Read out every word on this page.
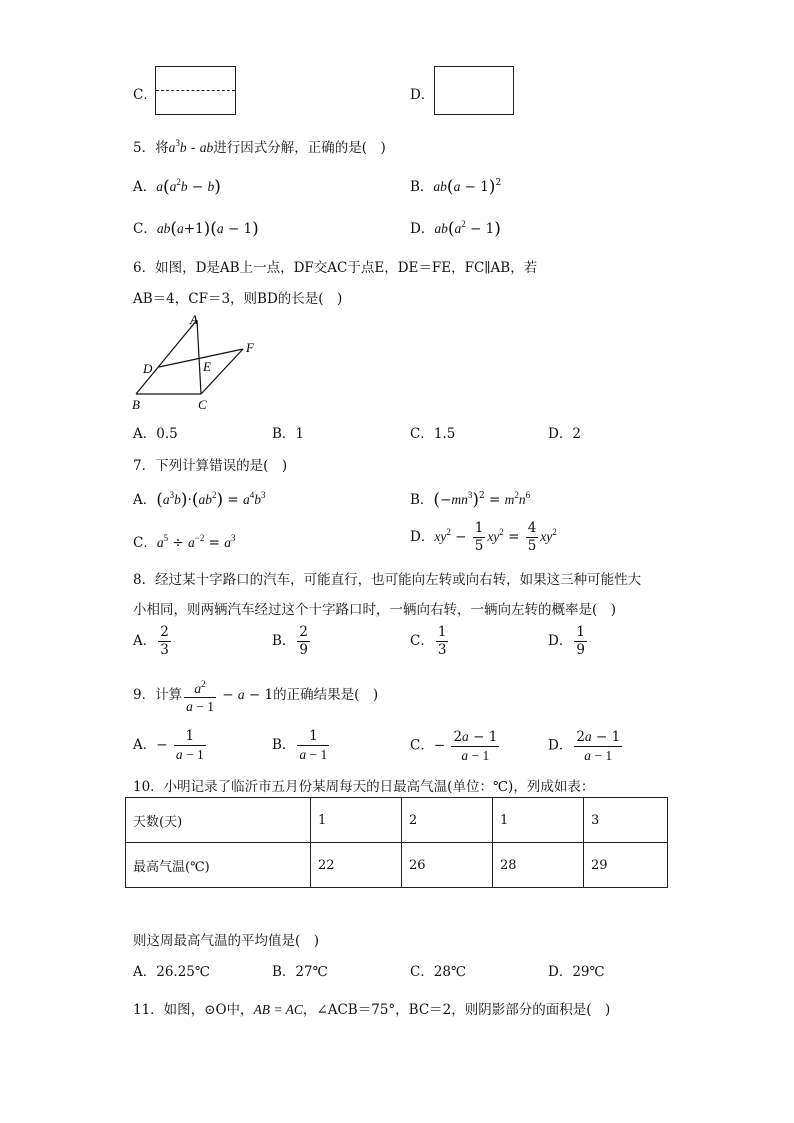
C．	D．
5．将$a^3b$ - ab进行因式分解，正确的是(　)
A．$a(a^2b - b)$	B．$ab(a - 1)^2$
C．ab(a+1)(a − 1)	D．$ab(a^2 - 1)$
6．如图，D是AB上一点，DF交AC于点E，DE＝FE，FC∥AB，若
AB＝4，CF＝3，则BD的长是(　)
A
D	E
F
B	C
A．0.5	B．1	C．1.5	D．2
7．下列计算错误的是(　)
A．$(a^3b)\cdot(ab^2) = a^4b^3$	B．$(-mn^3)^2 = m^2n^6$
C．$a^5 \div a^{-2} = a^3$	D．$xy^2 - \frac{1}{5} xy^2 = \frac{4}{5} xy^2$
8．经过某十字路口的汽车，可能直行，也可能向左转或向右转，如果这三种可能性大
小相同，则两辆汽车经过这个十字路口时，一辆向右转，一辆向左转的概率是(　)
A． $\frac{2}{3}$	B． $\frac{2}{9}$	C． $\frac{1}{3}$	D． $\frac{1}{9}$
9．计算 $\frac{a^2}{a - 1} - a - 1$的正确结果是(　)
A．− $\frac{1}{a - 1}$	B． $\frac{1}{a - 1}$	C．− $\frac{2a - 1}{a - 1}$	D． $\frac{2a - 1}{a - 1}$
10．小明记录了临沂市五月份某周每天的日最高气温(单位：℃)，列成如表：
天数(天)	1	2	1	3
最高气温(℃)	22	26	28	29
则这周最高气温的平均值是(　)
A．26.25℃	B．27℃	C．28℃	D．29℃
11．如图，⊙O中，AB = AC，∠ACB＝75°，BC＝2，则阴影部分的面积是(　)
